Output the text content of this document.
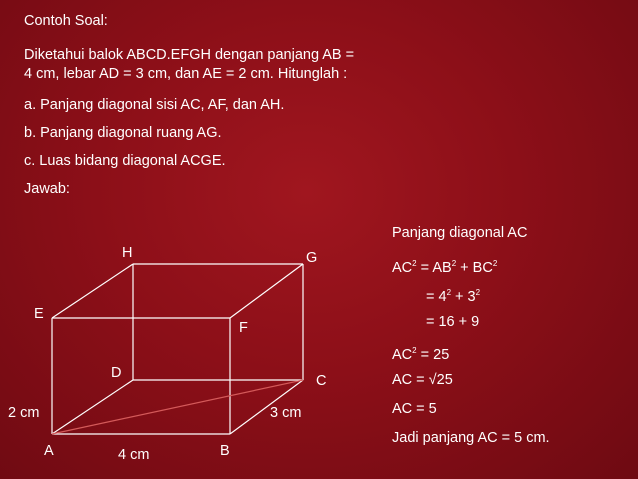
Contoh Soal:
Diketahui balok ABCD.EFGH dengan panjang AB = 4 cm, lebar AD = 3 cm, dan AE = 2 cm. Hitunglah :
a. Panjang diagonal sisi AC, AF, dan AH.
b. Panjang diagonal ruang AG.
c. Luas bidang diagonal ACGE.
Jawab:
A	B
C
D
E
F
G
H
2 cm
4 cm
3 cm
Panjang diagonal AC
$AC^2 = AB^2 + BC^2$
= $4^2 + 3^2$
= 16 + 9
$AC^2 = 25$
AC = √25
AC = 5
Jadi panjang AC = 5 cm.
